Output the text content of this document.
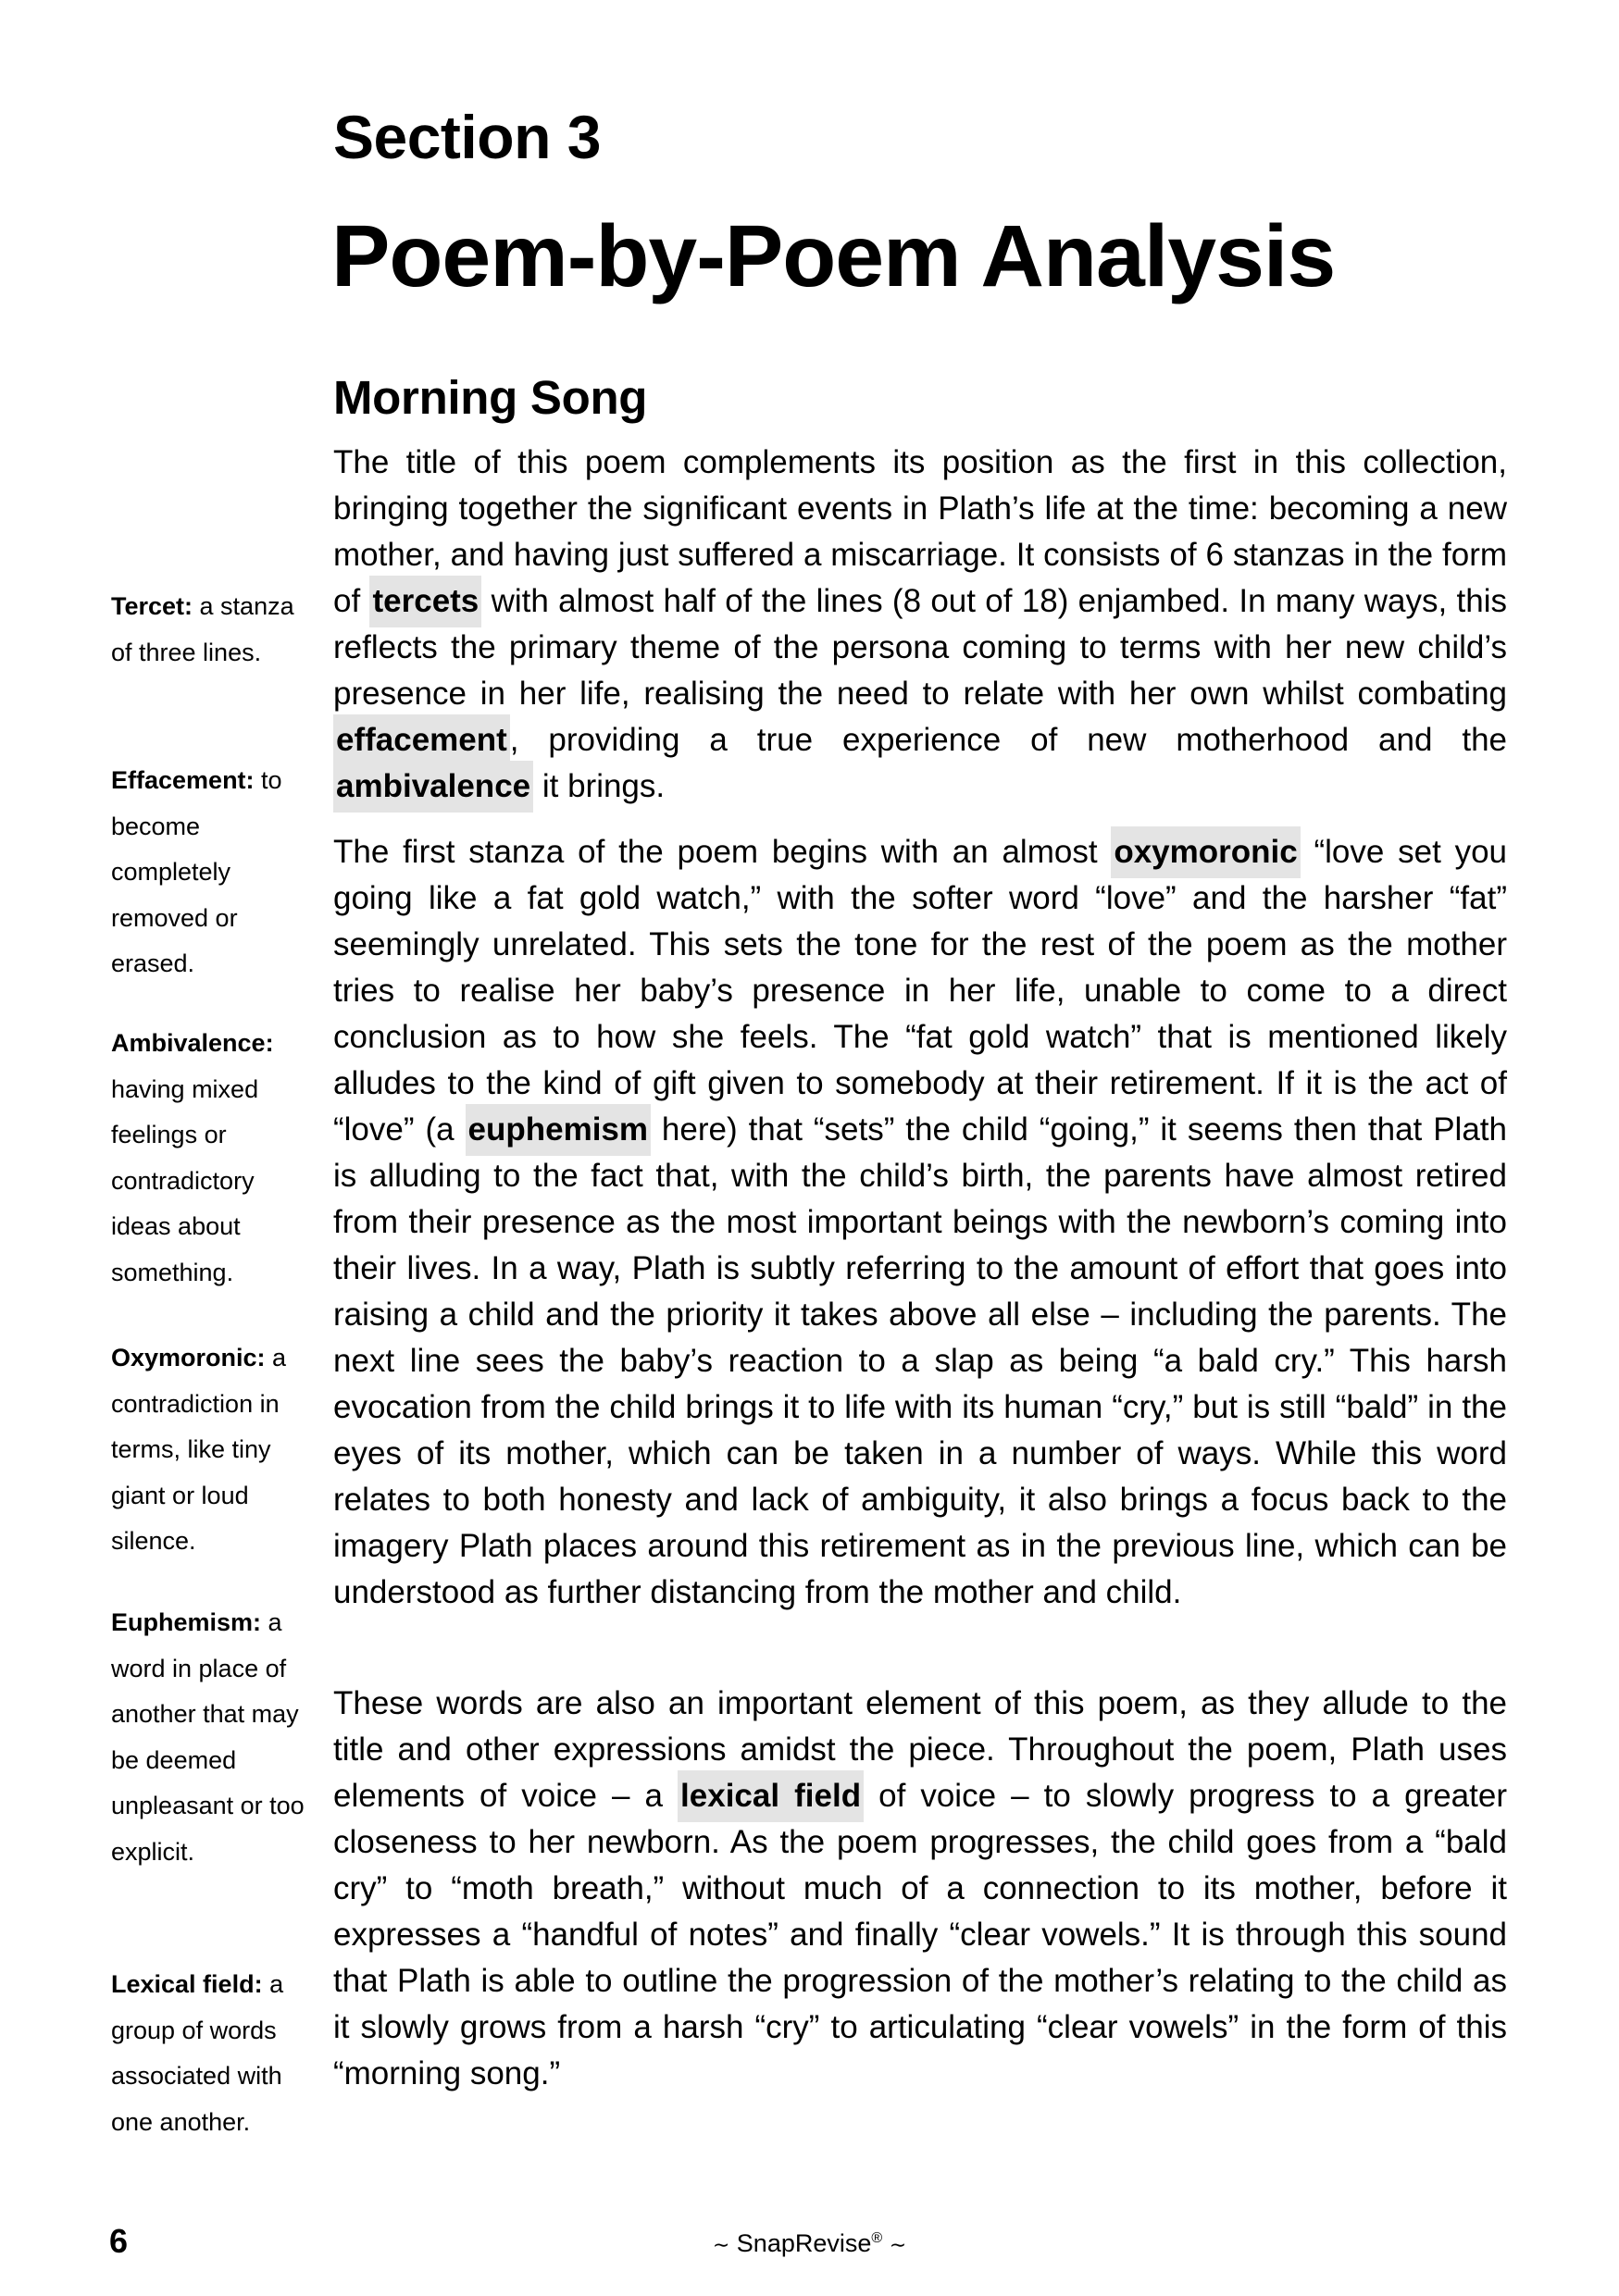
Section 3
Poem-by-Poem Analysis
Morning Song

The title of this poem complements its position as the first in this collection, bringing together the significant events in Plath’s life at the time: becoming a new mother, and having just suffered a miscarriage. It consists of 6 stanzas in the form of tercets with almost half of the lines (8 out of 18) enjambed. In many ways, this reflects the primary theme of the persona coming to terms with her new child’s presence in her life, realising the need to relate with her own whilst combating effacement, providing a true experience of new motherhood and the ambivalence it brings.

The first stanza of the poem begins with an almost oxymoronic “love set you going like a fat gold watch,” with the softer word “love” and the harsher “fat” seemingly unrelated. This sets the tone for the rest of the poem as the mother tries to realise her baby’s presence in her life, unable to come to a direct conclusion as to how she feels. The “fat gold watch” that is mentioned likely alludes to the kind of gift given to somebody at their retirement. If it is the act of “love” (a euphemism here) that “sets” the child “going,” it seems then that Plath is alluding to the fact that, with the child’s birth, the parents have almost retired from their presence as the most important beings with the newborn’s coming into their lives. In a way, Plath is subtly referring to the amount of effort that goes into raising a child and the priority it takes above all else – including the parents. The next line sees the baby’s reaction to a slap as being “a bald cry.” This harsh evocation from the child brings it to life with its human “cry,” but is still “bald” in the eyes of its mother, which can be taken in a number of ways. While this word relates to both honesty and lack of ambiguity, it also brings a focus back to the imagery Plath places around this retirement as in the previous line, which can be understood as further distancing from the mother and child.

These words are also an important element of this poem, as they allude to the title and other expressions amidst the piece. Throughout the poem, Plath uses elements of voice – a lexical field of voice – to slowly progress to a greater closeness to her newborn. As the poem progresses, the child goes from a “bald cry” to “moth breath,” without much of a connection to its mother, before it expresses a “handful of notes” and finally “clear vowels.” It is through this sound that Plath is able to outline the progression of the mother’s relating to the child as it slowly grows from a harsh “cry” to articulating “clear vowels” in the form of this “morning song.”

Tercet: a stanza of three lines.

Effacement: to become completely removed or erased.

Ambivalence: having mixed feelings or contradictory ideas about something.

Oxymoronic: a contradiction in terms, like tiny giant or loud silence.

Euphemism: a word in place of another that may be deemed unpleasant or too explicit.

Lexical field: a group of words associated with one another.

6	∼ SnapRevise® ∼
